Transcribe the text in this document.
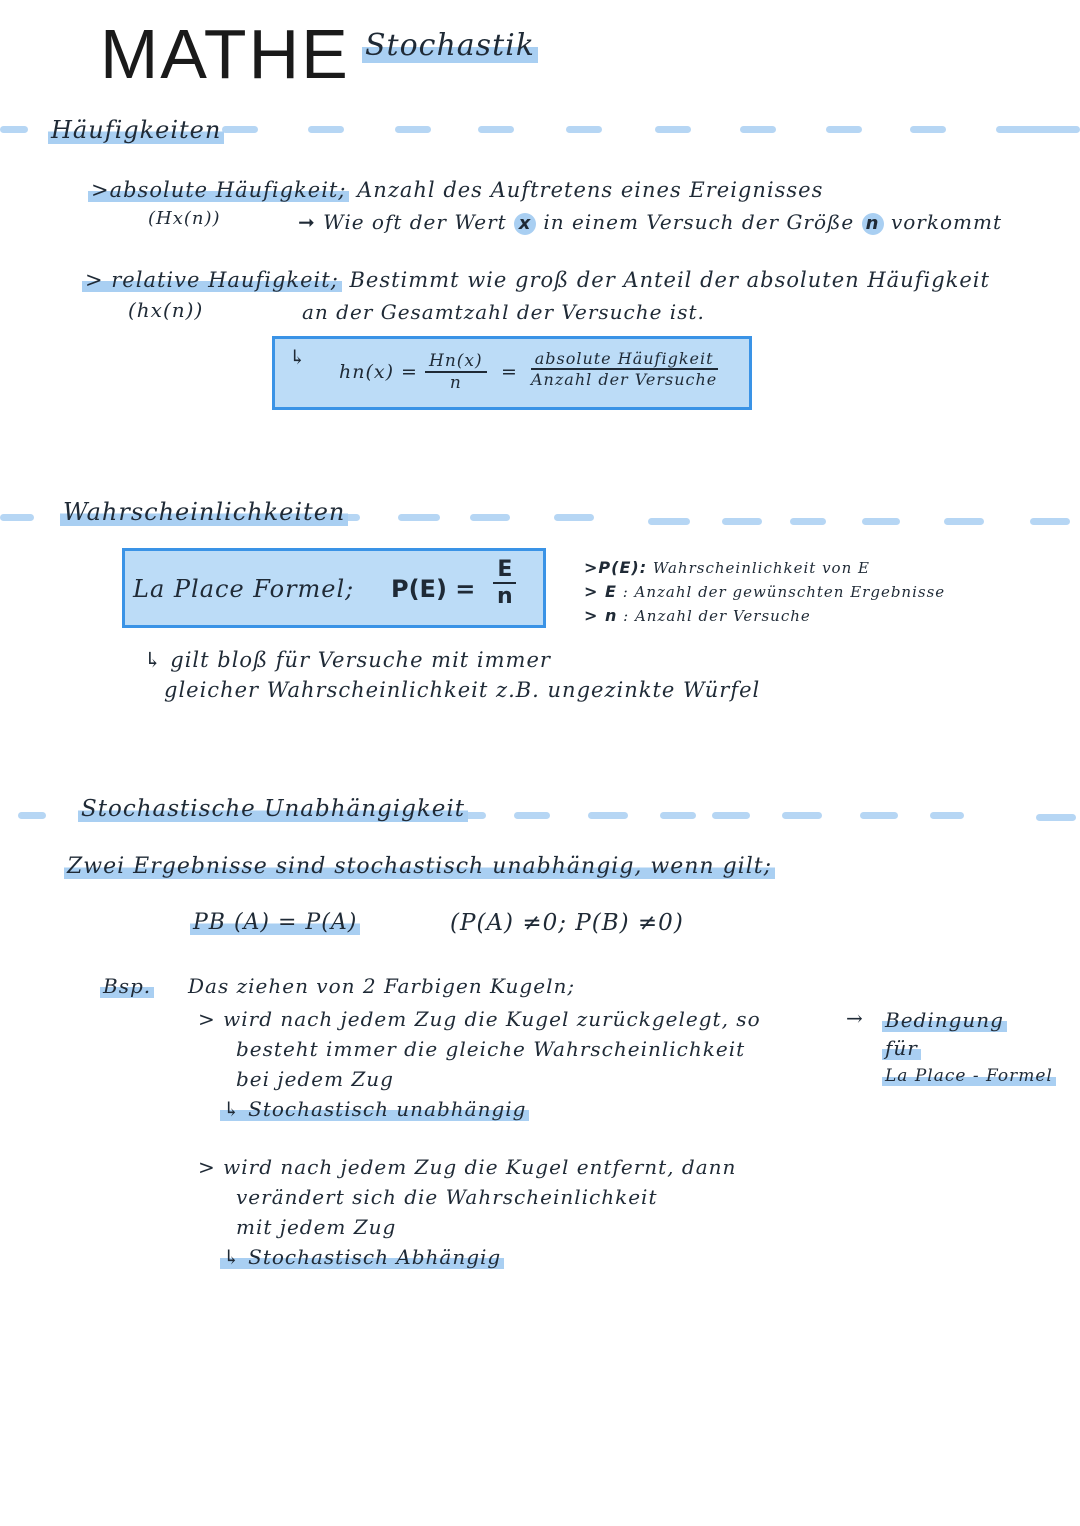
MATHE Stochastik
Häufigkeiten
>absolute Häufigkeit; Anzahl des Auftretens eines Ereignisses
(Hx(n))	➞ Wie oft der Wert x in einem Versuch der Größe n vorkommt
> relative Haufigkeit; Bestimmt wie groß der Anteil der absoluten Häufigkeit
(hx(n))	an der Gesamtzahl der Versuche ist.
↳
$hn(x) = \frac{Hn(x)}{n} = \frac{\text{absolute Häufigkeit}}{\text{Anzahl der Versuche}}$
Wahrscheinlichkeiten
La Place Formel; $P(E) = \frac{E}{n}$	>P(E): Wahrscheinlichkeit von E
> E : Anzahl der gewünschten Ergebnisse
> n : Anzahl der Versuche
↳ gilt bloß für Versuche mit immer
gleicher Wahrscheinlichkeit z.B. ungezinkte Würfel
Stochastische Unabhängigkeit
Zwei Ergebnisse sind stochastisch unabhängig, wenn gilt;
PB (A) = P(A)	(P(A) ≠0; P(B) ≠0)
Bsp. Das ziehen von 2 Farbigen Kugeln;
> wird nach jedem Zug die Kugel zurückgelegt, so
besteht immer die gleiche Wahrscheinlichkeit
bei jedem Zug
↳ Stochastisch unabhängig
→ Bedingung
für
La Place - Formel
> wird nach jedem Zug die Kugel entfernt, dann
verändert sich die Wahrscheinlichkeit
mit jedem Zug
↳ Stochastisch Abhängig
